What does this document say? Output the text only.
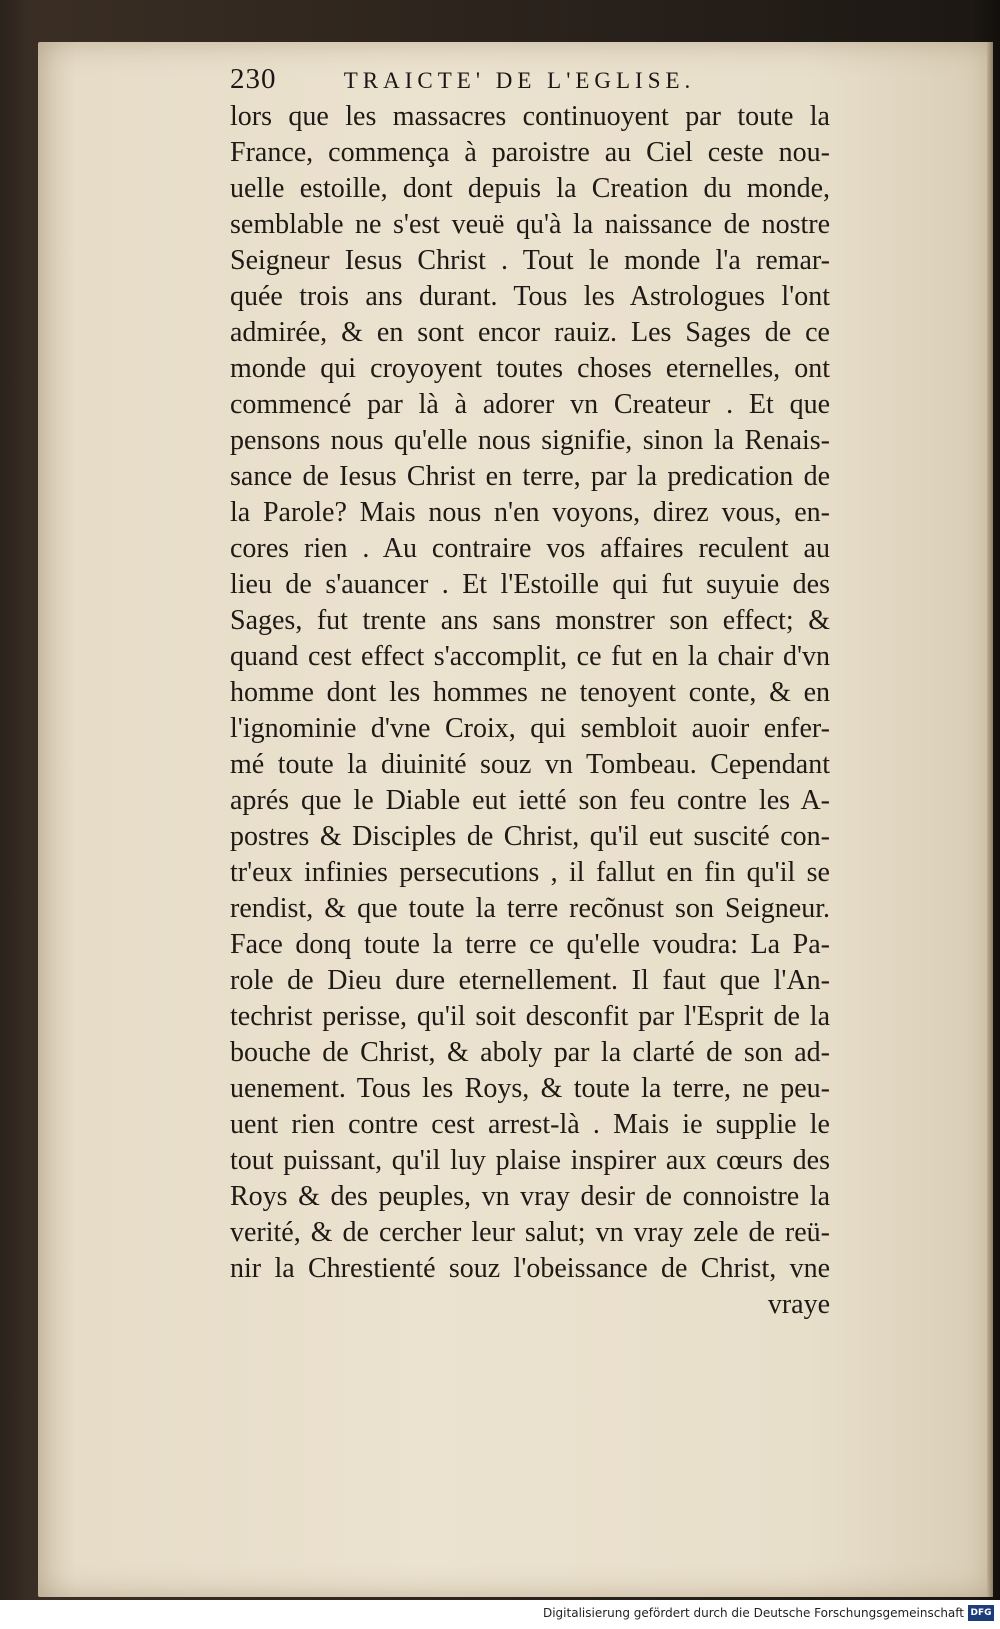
230	TRAICTE' DE L'EGLISE.
lors que les massacres continuoyent par toute la
France, commença à paroistre au Ciel ceste nou-
uelle estoille, dont depuis la Creation du monde,
semblable ne s'est veuë qu'à la naissance de nostre
Seigneur Iesus Christ . Tout le monde l'a remar-
quée trois ans durant. Tous les Astrologues l'ont
admirée, & en sont encor rauiz. Les Sages de ce
monde qui croyoyent toutes choses eternelles, ont
commencé par là à adorer vn Createur . Et que
pensons nous qu'elle nous signifie, sinon la Renais-
sance de Iesus Christ en terre, par la predication de
la Parole? Mais nous n'en voyons, direz vous, en-
cores rien . Au contraire vos affaires reculent au
lieu de s'auancer . Et l'Estoille qui fut suyuie des
Sages, fut trente ans sans monstrer son effect; &
quand cest effect s'accomplit, ce fut en la chair d'vn
homme dont les hommes ne tenoyent conte, & en
l'ignominie d'vne Croix, qui sembloit auoir enfer-
mé toute la diuinité souz vn Tombeau. Cependant
aprés que le Diable eut ietté son feu contre les A-
postres & Disciples de Christ, qu'il eut suscité con-
tr'eux infinies persecutions , il fallut en fin qu'il se
rendist, & que toute la terre recõnust son Seigneur.
Face donq toute la terre ce qu'elle voudra: La Pa-
role de Dieu dure eternellement. Il faut que l'An-
techrist perisse, qu'il soit desconfit par l'Esprit de la
bouche de Christ, & aboly par la clarté de son ad-
uenement. Tous les Roys, & toute la terre, ne peu-
uent rien contre cest arrest-là . Mais ie supplie le
tout puissant, qu'il luy plaise inspirer aux cœurs des
Roys & des peuples, vn vray desir de connoistre la
verité, & de cercher leur salut; vn vray zele de reü-
nir la Chrestienté souz l'obeissance de Christ, vne
vraye
Digitalisierung gefördert durch die Deutsche Forschungsgemeinschaft DFG
